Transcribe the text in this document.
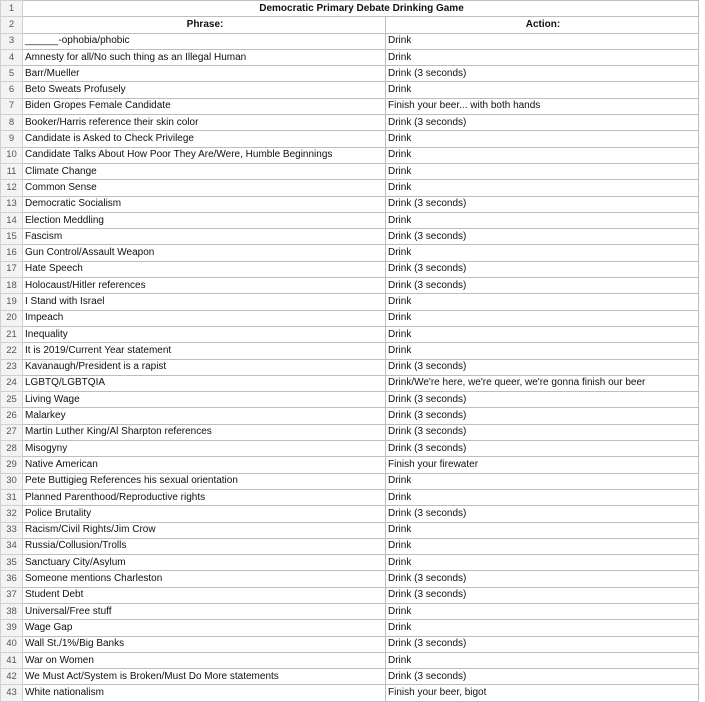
1	Democratic Primary Debate Drinking Game	
2	Phrase:	Action:
3	______-ophobia/phobic	Drink
4	Amnesty for all/No such thing as an Illegal Human	Drink
5	Barr/Mueller	Drink (3 seconds)
6	Beto Sweats Profusely	Drink
7	Biden Gropes Female Candidate	Finish your beer... with both hands
8	Booker/Harris reference their skin color	Drink (3 seconds)
9	Candidate is Asked to Check Privilege	Drink
10	Candidate Talks About How Poor They Are/Were, Humble Beginnings	Drink
11	Climate Change	Drink
12	Common Sense	Drink
13	Democratic Socialism	Drink (3 seconds)
14	Election Meddling	Drink
15	Fascism	Drink (3 seconds)
16	Gun Control/Assault Weapon	Drink
17	Hate Speech	Drink (3 seconds)
18	Holocaust/Hitler references	Drink (3 seconds)
19	I Stand with Israel	Drink
20	Impeach	Drink
21	Inequality	Drink
22	It is 2019/Current Year statement	Drink
23	Kavanaugh/President is a rapist	Drink (3 seconds)
24	LGBTQ/LGBTQIA	Drink/We're here, we're queer, we're gonna finish our beer
25	Living Wage	Drink (3 seconds)
26	Malarkey	Drink (3 seconds)
27	Martin Luther King/Al Sharpton references	Drink (3 seconds)
28	Misogyny	Drink (3 seconds)
29	Native American	Finish your firewater
30	Pete Buttigieg References his sexual orientation	Drink
31	Planned Parenthood/Reproductive rights	Drink
32	Police Brutality	Drink (3 seconds)
33	Racism/Civil Rights/Jim Crow	Drink
34	Russia/Collusion/Trolls	Drink
35	Sanctuary City/Asylum	Drink
36	Someone mentions Charleston	Drink (3 seconds)
37	Student Debt	Drink (3 seconds)
38	Universal/Free stuff	Drink
39	Wage Gap	Drink
40	Wall St./1%/Big Banks	Drink (3 seconds)
41	War on Women	Drink
42	We Must Act/System is Broken/Must Do More statements	Drink (3 seconds)
43	White nationalism	Finish your beer, bigot
